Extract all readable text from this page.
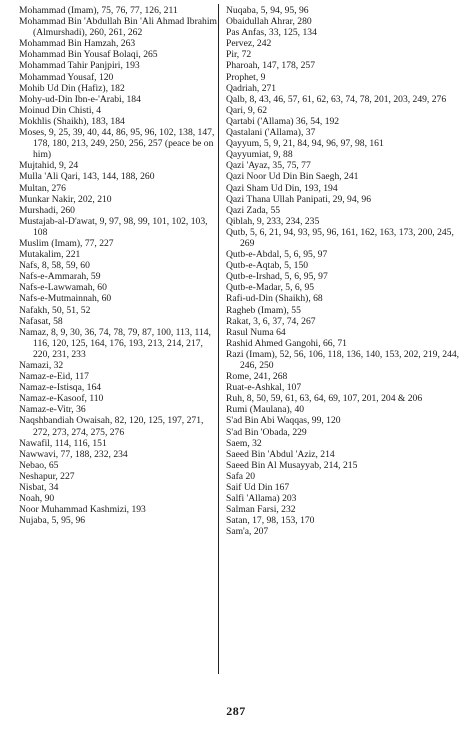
Mohammad (Imam), 75, 76, 77, 126, 211
Mohammad Bin 'Abdullah Bin 'Ali Ahmad Ibrahim (Almurshadi), 260, 261, 262
Mohammad Bin Hamzah, 263
Mohammad Bin Yousaf Bolaqi, 265
Mohammad Tahir Panjpiri, 193
Mohammad Yousaf, 120
Mohib Ud Din (Hafiz), 182
Mohy-ud-Din Ibn-e-'Arabi, 184
Moinud Din Chisti, 4
Mokhlis (Shaikh), 183, 184
Moses, 9, 25, 39, 40, 44, 86, 95, 96, 102, 138, 147, 178, 180, 213, 249, 250, 256, 257 (peace be on him)
Mujtahid, 9, 24
Mulla 'Ali Qari, 143, 144, 188, 260
Multan, 276
Munkar Nakir, 202, 210
Murshadi, 260
Mustajab-al-D'awat, 9, 97, 98, 99, 101, 102, 103, 108
Muslim (Imam), 77, 227
Mutakalim, 221
Nafs, 8, 58, 59, 60
Nafs-e-Ammarah, 59
Nafs-e-Lawwamah, 60
Nafs-e-Mutmainnah, 60
Nafakh, 50, 51, 52
Nafasat, 58
Namaz, 8, 9, 30, 36, 74, 78, 79, 87, 100, 113, 114, 116, 120, 125, 164, 176, 193, 213, 214, 217, 220, 231, 233
Namazi, 32
Namaz-e-Eid, 117
Namaz-e-Istisqa, 164
Namaz-e-Kasoof, 110
Namaz-e-Vitr, 36
Naqshbandiah Owaisah, 82, 120, 125, 197, 271, 272, 273, 274, 275, 276
Nawafil, 114, 116, 151
Nawwavi, 77, 188, 232, 234
Nebao, 65
Neshapur, 227
Nisbat, 34
Noah, 90
Noor Muhammad Kashmizi, 193
Nujaba, 5, 95, 96
Nuqaba, 5, 94, 95, 96
Obaidullah Ahrar, 280
Pas Anfas, 33, 125, 134
Pervez, 242
Pir, 72
Pharoah, 147, 178, 257
Prophet, 9
Qadriah, 271
Qalb, 8, 43, 46, 57, 61, 62, 63, 74, 78, 201, 203, 249, 276
Qari, 9, 62
Qartabi ('Allama) 36, 54, 192
Qastalani ('Allama), 37
Qayyum, 5, 9, 21, 84, 94, 96, 97, 98, 161
Qayyumiat, 9, 88
Qazi 'Ayaz, 35, 75, 77
Qazi Noor Ud Din Bin Saegh, 241
Qazi Sham Ud Din, 193, 194
Qazi Thana Ullah Panipati, 29, 94, 96
Qazi Zada, 55
Qiblah, 9, 233, 234, 235
Qutb, 5, 6, 21, 94, 93, 95, 96, 161, 162, 163, 173, 200, 245, 269
Qutb-e-Abdal, 5, 6, 95, 97
Qutb-e-Aqtab, 5, 150
Qutb-e-Irshad, 5, 6, 95, 97
Qutb-e-Madar, 5, 6, 95
Rafi-ud-Din (Shaikh), 68
Ragheb (Imam), 55
Rakat, 3, 6, 37, 74, 267
Rasul Numa 64
Rashid Ahmed Gangohi, 66, 71
Razi (Imam), 52, 56, 106, 118, 136, 140, 153, 202, 219, 244, 246, 250
Rome, 241, 268
Ruat-e-Ashkal, 107
Ruh, 8, 50, 59, 61, 63, 64, 69, 107, 201, 204 & 206
Rumi (Maulana), 40
S'ad Bin Abi Waqqas, 99, 120
S'ad Bin 'Obada, 229
Saem, 32
Saeed Bin 'Abdul 'Aziz, 214
Saeed Bin Al Musayyab, 214, 215
Safa 20
Saif Ud Din 167
Salfi 'Allama) 203
Salman Farsi, 232
Satan, 17, 98, 153, 170
Sam'a, 207
287
